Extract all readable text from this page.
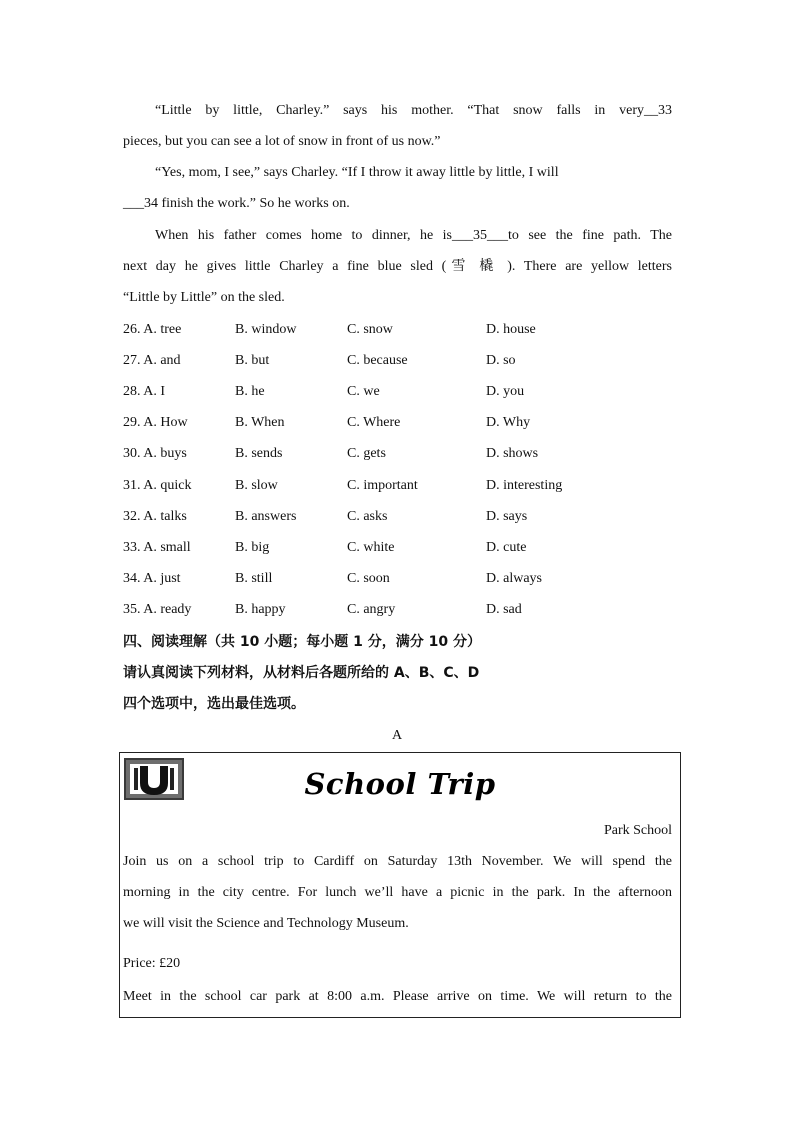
“Little by little, Charley.” says his mother. “That snow falls in very__33
pieces, but you can see a lot of snow in front of us now.”
“Yes, mom, I see,” says Charley. “If I throw it away little by little, I will
___34 finish the work.” So he works on.
When his father comes home to dinner, he is___35___to see the fine path. The
next day he gives little Charley a fine blue sled (雪 橇 ). There are yellow letters
“Little by Little” on the sled.
26. A. tree	B. window	C. snow	D. house
27. A. and	B. but	C. because	D. so
28. A. I	B. he	C. we	D. you
29. A. How	B. When	C. Where	D. Why
30. A. buys	B. sends	C. gets	D. shows
31. A. quick	B. slow	C. important	D. interesting
32. A. talks	B. answers	C. asks	D. says
33. A. small	B. big	C. white	D. cute
34. A. just	B. still	C. soon	D. always
35. A. ready	B. happy	C. angry	D. sad
四、阅读理解（共 10 小题；每小题 1 分，满分 10 分）
请认真阅读下列材料，从材料后各题所给的 A、B、C、D
四个选项中，选出最佳选项。
A
School Trip
Park School
Join us on a school trip to Cardiff on Saturday 13th November. We will spend the
morning in the city centre. For lunch we’ll have a picnic in the park. In the afternoon
we will visit the Science and Technology Museum.
Price: £20
Meet in the school car park at 8:00 a.m. Please arrive on time. We will return to the
